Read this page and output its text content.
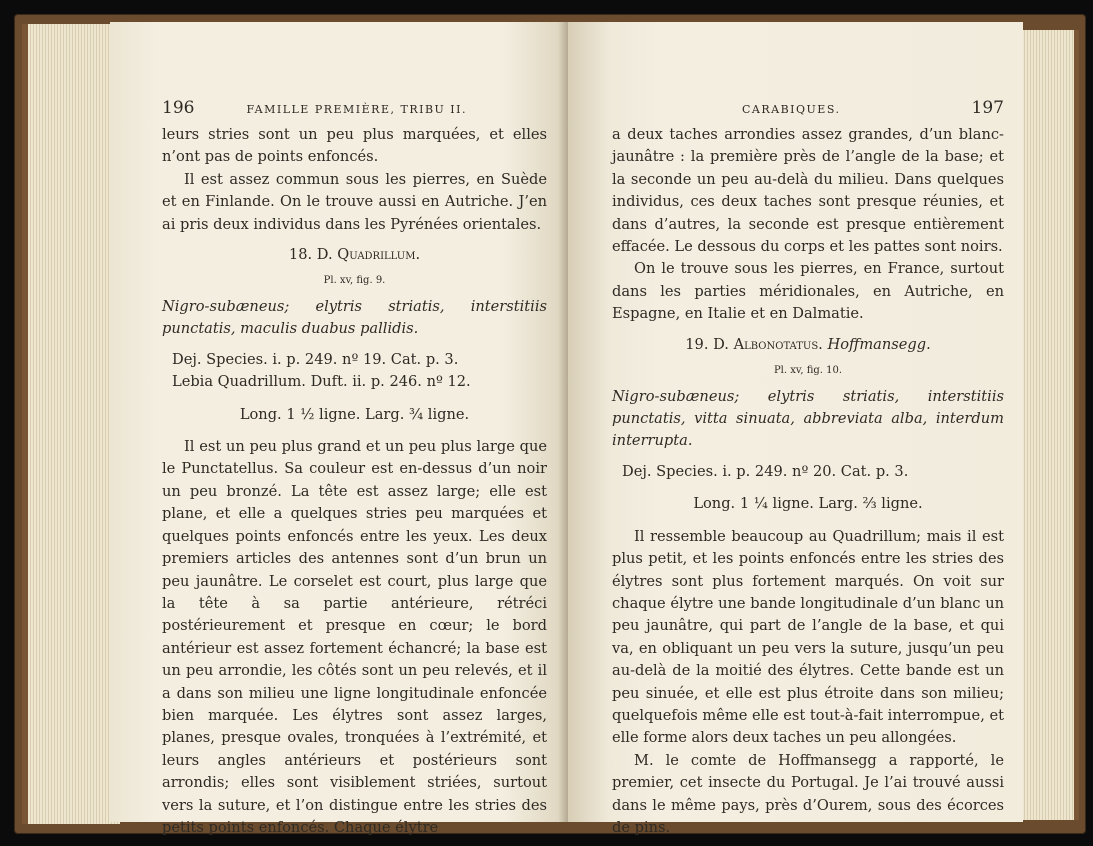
196	FAMILLE PREMIÈRE, TRIBU II.

leurs stries sont un peu plus marquées, et elles n’ont pas de points enfoncés.

Il est assez commun sous les pierres, en Suède et en Finlande. On le trouve aussi en Autriche. J’en ai pris deux individus dans les Pyrénées orientales.

18. D. Quadrillum.
Pl. xv, fig. 9.

Nigro-subæneus; elytris striatis, interstitiis punctatis, maculis duabus pallidis.

Dej. Species. i. p. 249. nº 19. Cat. p. 3.
Lebia Quadrillum. Duft. ii. p. 246. nº 12.
Long. 1 ½ ligne. Larg. ¾ ligne.

Il est un peu plus grand et un peu plus large que le Punctatellus. Sa couleur est en-dessus d’un noir un peu bronzé. La tête est assez large; elle est plane, et elle a quelques stries peu marquées et quelques points enfoncés entre les yeux. Les deux premiers articles des antennes sont d’un brun un peu jaunâtre. Le corselet est court, plus large que la tête à sa partie antérieure, rétréci postérieurement et presque en cœur; le bord antérieur est assez fortement échancré; la base est un peu arrondie, les côtés sont un peu relevés, et il a dans son milieu une ligne longitudinale enfoncée bien marquée. Les élytres sont assez larges, planes, presque ovales, tronquées à l’extrémité, et leurs angles antérieurs et postérieurs sont arrondis; elles sont visiblement striées, surtout vers la suture, et l’on distingue entre les stries des petits points enfoncés. Chaque élytre

CARABIQUES.	197

a deux taches arrondies assez grandes, d’un blanc-jaunâtre : la première près de l’angle de la base; et la seconde un peu au-delà du milieu. Dans quelques individus, ces deux taches sont presque réunies, et dans d’autres, la seconde est presque entièrement effacée. Le dessous du corps et les pattes sont noirs.

On le trouve sous les pierres, en France, surtout dans les parties méridionales, en Autriche, en Espagne, en Italie et en Dalmatie.

19. D. Albonotatus. Hoffmansegg.
Pl. xv, fig. 10.

Nigro-subæneus; elytris striatis, interstitiis punctatis, vitta sinuata, abbreviata alba, interdum interrupta.

Dej. Species. i. p. 249. nº 20. Cat. p. 3.
Long. 1 ¼ ligne. Larg. ⅔ ligne.

Il ressemble beaucoup au Quadrillum; mais il est plus petit, et les points enfoncés entre les stries des élytres sont plus fortement marqués. On voit sur chaque élytre une bande longitudinale d’un blanc un peu jaunâtre, qui part de l’angle de la base, et qui va, en obliquant un peu vers la suture, jusqu’un peu au-delà de la moitié des élytres. Cette bande est un peu sinuée, et elle est plus étroite dans son milieu; quelquefois même elle est tout-à-fait interrompue, et elle forme alors deux taches un peu allongées.

M. le comte de Hoffmansegg a rapporté, le premier, cet insecte du Portugal. Je l’ai trouvé aussi dans le même pays, près d’Ourem, sous des écorces de pins.
